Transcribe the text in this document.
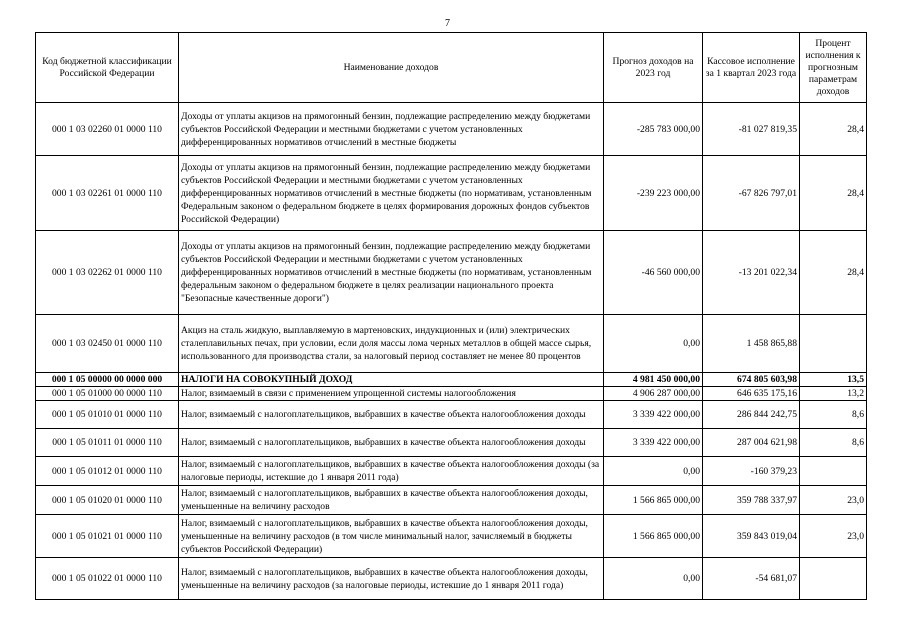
7
Код бюджетной классификации Российской Федерации	Наименование доходов	Прогноз доходов на 2023 год	Кассовое исполнение за 1 квартал 2023 года	Процент исполнения к прогнозным параметрам доходов
000 1 03 02260 01 0000 110	Доходы от уплаты акцизов на прямогонный бензин, подлежащие распределению между бюджетами субъектов Российской Федерации и местными бюджетами с учетом установленных дифференцированных нормативов отчислений в местные бюджеты	-285 783 000,00	-81 027 819,35	28,4
000 1 03 02261 01 0000 110	Доходы от уплаты акцизов на прямогонный бензин, подлежащие распределению между бюджетами субъектов Российской Федерации и местными бюджетами с учетом установленных дифференцированных нормативов отчислений в местные бюджеты (по нормативам, установленным Федеральным законом о федеральном бюджете в целях формирования дорожных фондов субъектов Российской Федерации)	-239 223 000,00	-67 826 797,01	28,4
000 1 03 02262 01 0000 110	Доходы от уплаты акцизов на прямогонный бензин, подлежащие распределению между бюджетами субъектов Российской Федерации и местными бюджетами с учетом установленных дифференцированных нормативов отчислений в местные бюджеты (по нормативам, установленным федеральным законом о федеральном бюджете в целях реализации национального проекта "Безопасные качественные дороги")	-46 560 000,00	-13 201 022,34	28,4
000 1 03 02450 01 0000 110	Акциз на сталь жидкую, выплавляемую в мартеновских, индукционных и (или) электрических сталеплавильных печах, при условии, если доля массы лома черных металлов в общей массе сырья, использованного для производства стали, за налоговый период составляет не менее 80 процентов	0,00	1 458 865,88	
000 1 05 00000 00 0000 000	НАЛОГИ НА СОВОКУПНЫЙ ДОХОД	4 981 450 000,00	674 805 603,98	13,5
000 1 05 01000 00 0000 110	Налог, взимаемый в связи с применением упрощенной системы налогообложения	4 906 287 000,00	646 635 175,16	13,2
000 1 05 01010 01 0000 110	Налог, взимаемый с налогоплательщиков, выбравших в качестве объекта налогообложения доходы	3 339 422 000,00	286 844 242,75	8,6
000 1 05 01011 01 0000 110	Налог, взимаемый с налогоплательщиков, выбравших в качестве объекта налогообложения доходы	3 339 422 000,00	287 004 621,98	8,6
000 1 05 01012 01 0000 110	Налог, взимаемый с налогоплательщиков, выбравших в качестве объекта налогообложения доходы (за налоговые периоды, истекшие до 1 января 2011 года)	0,00	-160 379,23	
000 1 05 01020 01 0000 110	Налог, взимаемый с налогоплательщиков, выбравших в качестве объекта налогообложения доходы, уменьшенные на величину расходов	1 566 865 000,00	359 788 337,97	23,0
000 1 05 01021 01 0000 110	Налог, взимаемый с налогоплательщиков, выбравших в качестве объекта налогообложения доходы, уменьшенные на величину расходов (в том числе минимальный налог, зачисляемый в бюджеты субъектов Российской Федерации)	1 566 865 000,00	359 843 019,04	23,0
000 1 05 01022 01 0000 110	Налог, взимаемый с налогоплательщиков, выбравших в качестве объекта налогообложения доходы, уменьшенные на величину расходов (за налоговые периоды, истекшие до 1 января 2011 года)	0,00	-54 681,07	
